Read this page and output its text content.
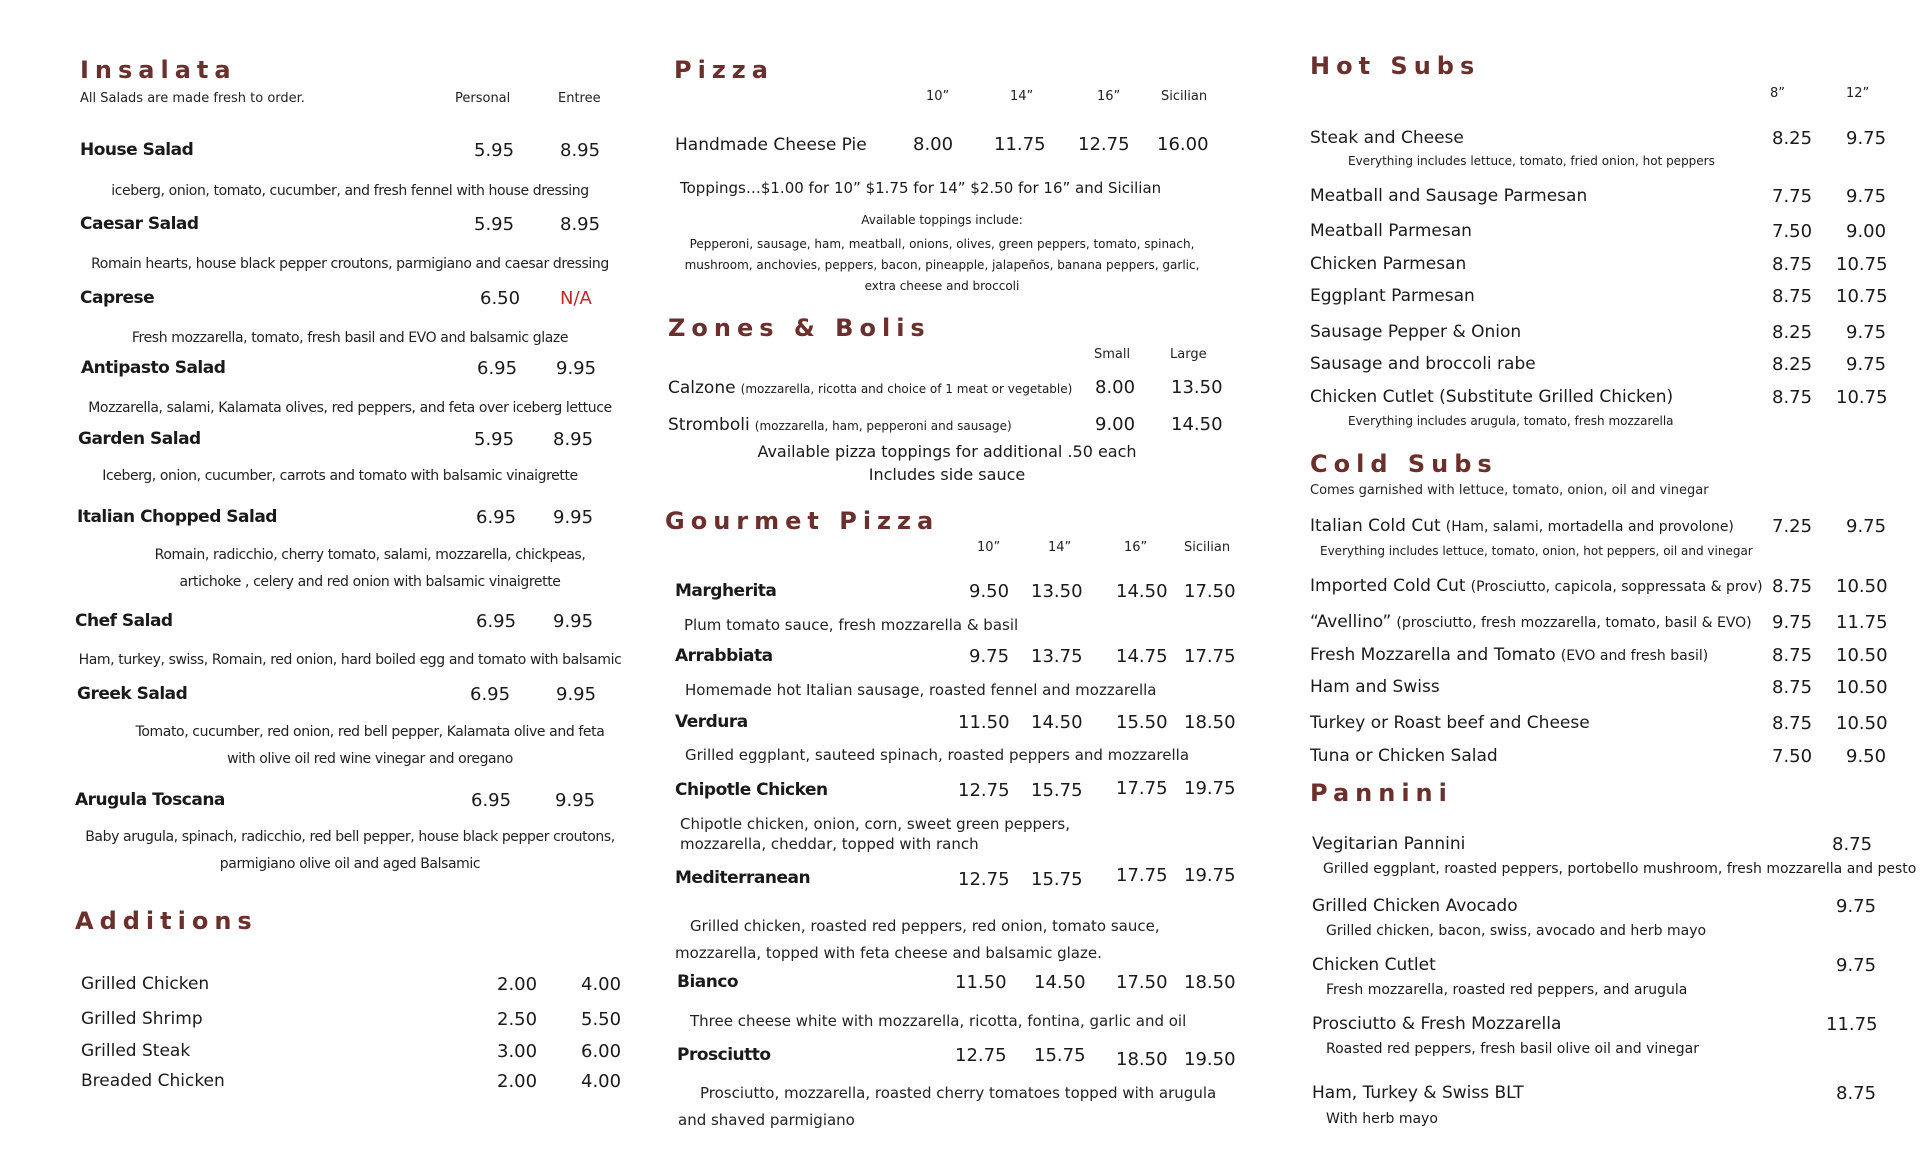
Insalata
All Salads are made fresh to order.	Personal	Entree
House Salad	5.95	8.95
iceberg, onion, tomato, cucumber, and fresh fennel with house dressing
Caesar Salad	5.95	8.95
Romain hearts, house black pepper croutons, parmigiano and caesar dressing
Caprese	6.50 N/A
Fresh mozzarella, tomato, fresh basil and EVO and balsamic glaze
Antipasto Salad	6.95 9.95
Mozzarella, salami, Kalamata olives, red peppers, and feta over iceberg lettuce
Garden Salad	5.95 8.95
Iceberg, onion, cucumber, carrots and tomato with balsamic vinaigrette
Italian Chopped Salad	6.95 9.95
Romain, radicchio, cherry tomato, salami, mozzarella, chickpeas, artichoke , celery and red onion with balsamic vinaigrette
Chef Salad	6.95 9.95
Ham, turkey, swiss, Romain, red onion, hard boiled egg and tomato with balsamic
Greek Salad	6.95	9.95
Tomato, cucumber, red onion, red bell pepper, Kalamata olive and feta with olive oil red wine vinegar and oregano
Arugula Toscana	6.95 9.95
Baby arugula, spinach, radicchio, red bell pepper, house black pepper croutons, parmigiano olive oil and aged Balsamic
Additions
Grilled Chicken	2.00 4.00
Grilled Shrimp	2.50 5.50
Grilled Steak	3.00 6.00
Breaded Chicken	2.00 4.00
Pizza
10”	14”	16”	Sicilian
Handmade Cheese Pie	8.00 11.75 12.75 16.00
Toppings…$1.00 for 10” $1.75 for 14” $2.50 for 16” and Sicilian
Available toppings include:
Pepperoni, sausage, ham, meatball, onions, olives, green peppers, tomato, spinach, mushroom, anchovies, peppers, bacon, pineapple, jalapeños, banana peppers, garlic, extra cheese and broccoli
Zones & Bolis
Small	Large
Calzone (mozzarella, ricotta and choice of 1 meat or vegetable) 8.00 13.50
Stromboli (mozzarella, ham, pepperoni and sausage)	9.00 14.50
Available pizza toppings for additional .50 each
Includes side sauce
Gourmet Pizza
10”	14”	16”	Sicilian
Margherita	9.50 13.50 14.50 17.50
Plum tomato sauce, fresh mozzarella & basil
Arrabbiata	9.75 13.75 14.75 17.75
Homemade hot Italian sausage, roasted fennel and mozzarella
Verdura	11.50 14.50 15.50 18.50
Grilled eggplant, sauteed spinach, roasted peppers and mozzarella
Chipotle Chicken	12.75 15.75 17.75 19.75
Chipotle chicken, onion, corn, sweet green peppers, mozzarella, cheddar, topped with ranch
Mediterranean	12.75 15.75 17.75 19.75
Grilled chicken, roasted red peppers, red onion, tomato sauce, mozzarella, topped with feta cheese and balsamic glaze.
Bianco	11.50 14.50 17.50 18.50
Three cheese white with mozzarella, ricotta, fontina, garlic and oil
Prosciutto	12.75 15.75 18.50 19.50
Prosciutto, mozzarella, roasted cherry tomatoes topped with arugula and shaved parmigiano
Hot Subs
8”	12”
Steak and Cheese	8.25 9.75
Everything includes lettuce, tomato, fried onion, hot peppers
Meatball and Sausage Parmesan	7.75 9.75
Meatball Parmesan	7.50 9.00
Chicken Parmesan	8.75 10.75
Eggplant Parmesan	8.75 10.75
Sausage Pepper & Onion	8.25 9.75
Sausage and broccoli rabe	8.25 9.75
Chicken Cutlet (Substitute Grilled Chicken)	8.75 10.75
Everything includes arugula, tomato, fresh mozzarella
Cold Subs
Comes garnished with lettuce, tomato, onion, oil and vinegar
Italian Cold Cut (Ham, salami, mortadella and provolone) 7.25 9.75
Everything includes lettuce, tomato, onion, hot peppers, oil and vinegar
Imported Cold Cut (Prosciutto, capicola, soppressata & prov) 8.75 10.50
“Avellino” (prosciutto, fresh mozzarella, tomato, basil & EVO) 9.75 11.75
Fresh Mozzarella and Tomato (EVO and fresh basil)	8.75 10.50
Ham and Swiss	8.75 10.50
Turkey or Roast beef and Cheese	8.75 10.50
Tuna or Chicken Salad	7.50 9.50
Pannini
Vegitarian Pannini	8.75
Grilled eggplant, roasted peppers, portobello mushroom, fresh mozzarella and pesto
Grilled Chicken Avocado	9.75
Grilled chicken, bacon, swiss, avocado and herb mayo
Chicken Cutlet	9.75
Fresh mozzarella, roasted red peppers, and arugula
Prosciutto & Fresh Mozzarella	11.75
Roasted red peppers, fresh basil olive oil and vinegar
Ham, Turkey & Swiss BLT	8.75
With herb mayo
